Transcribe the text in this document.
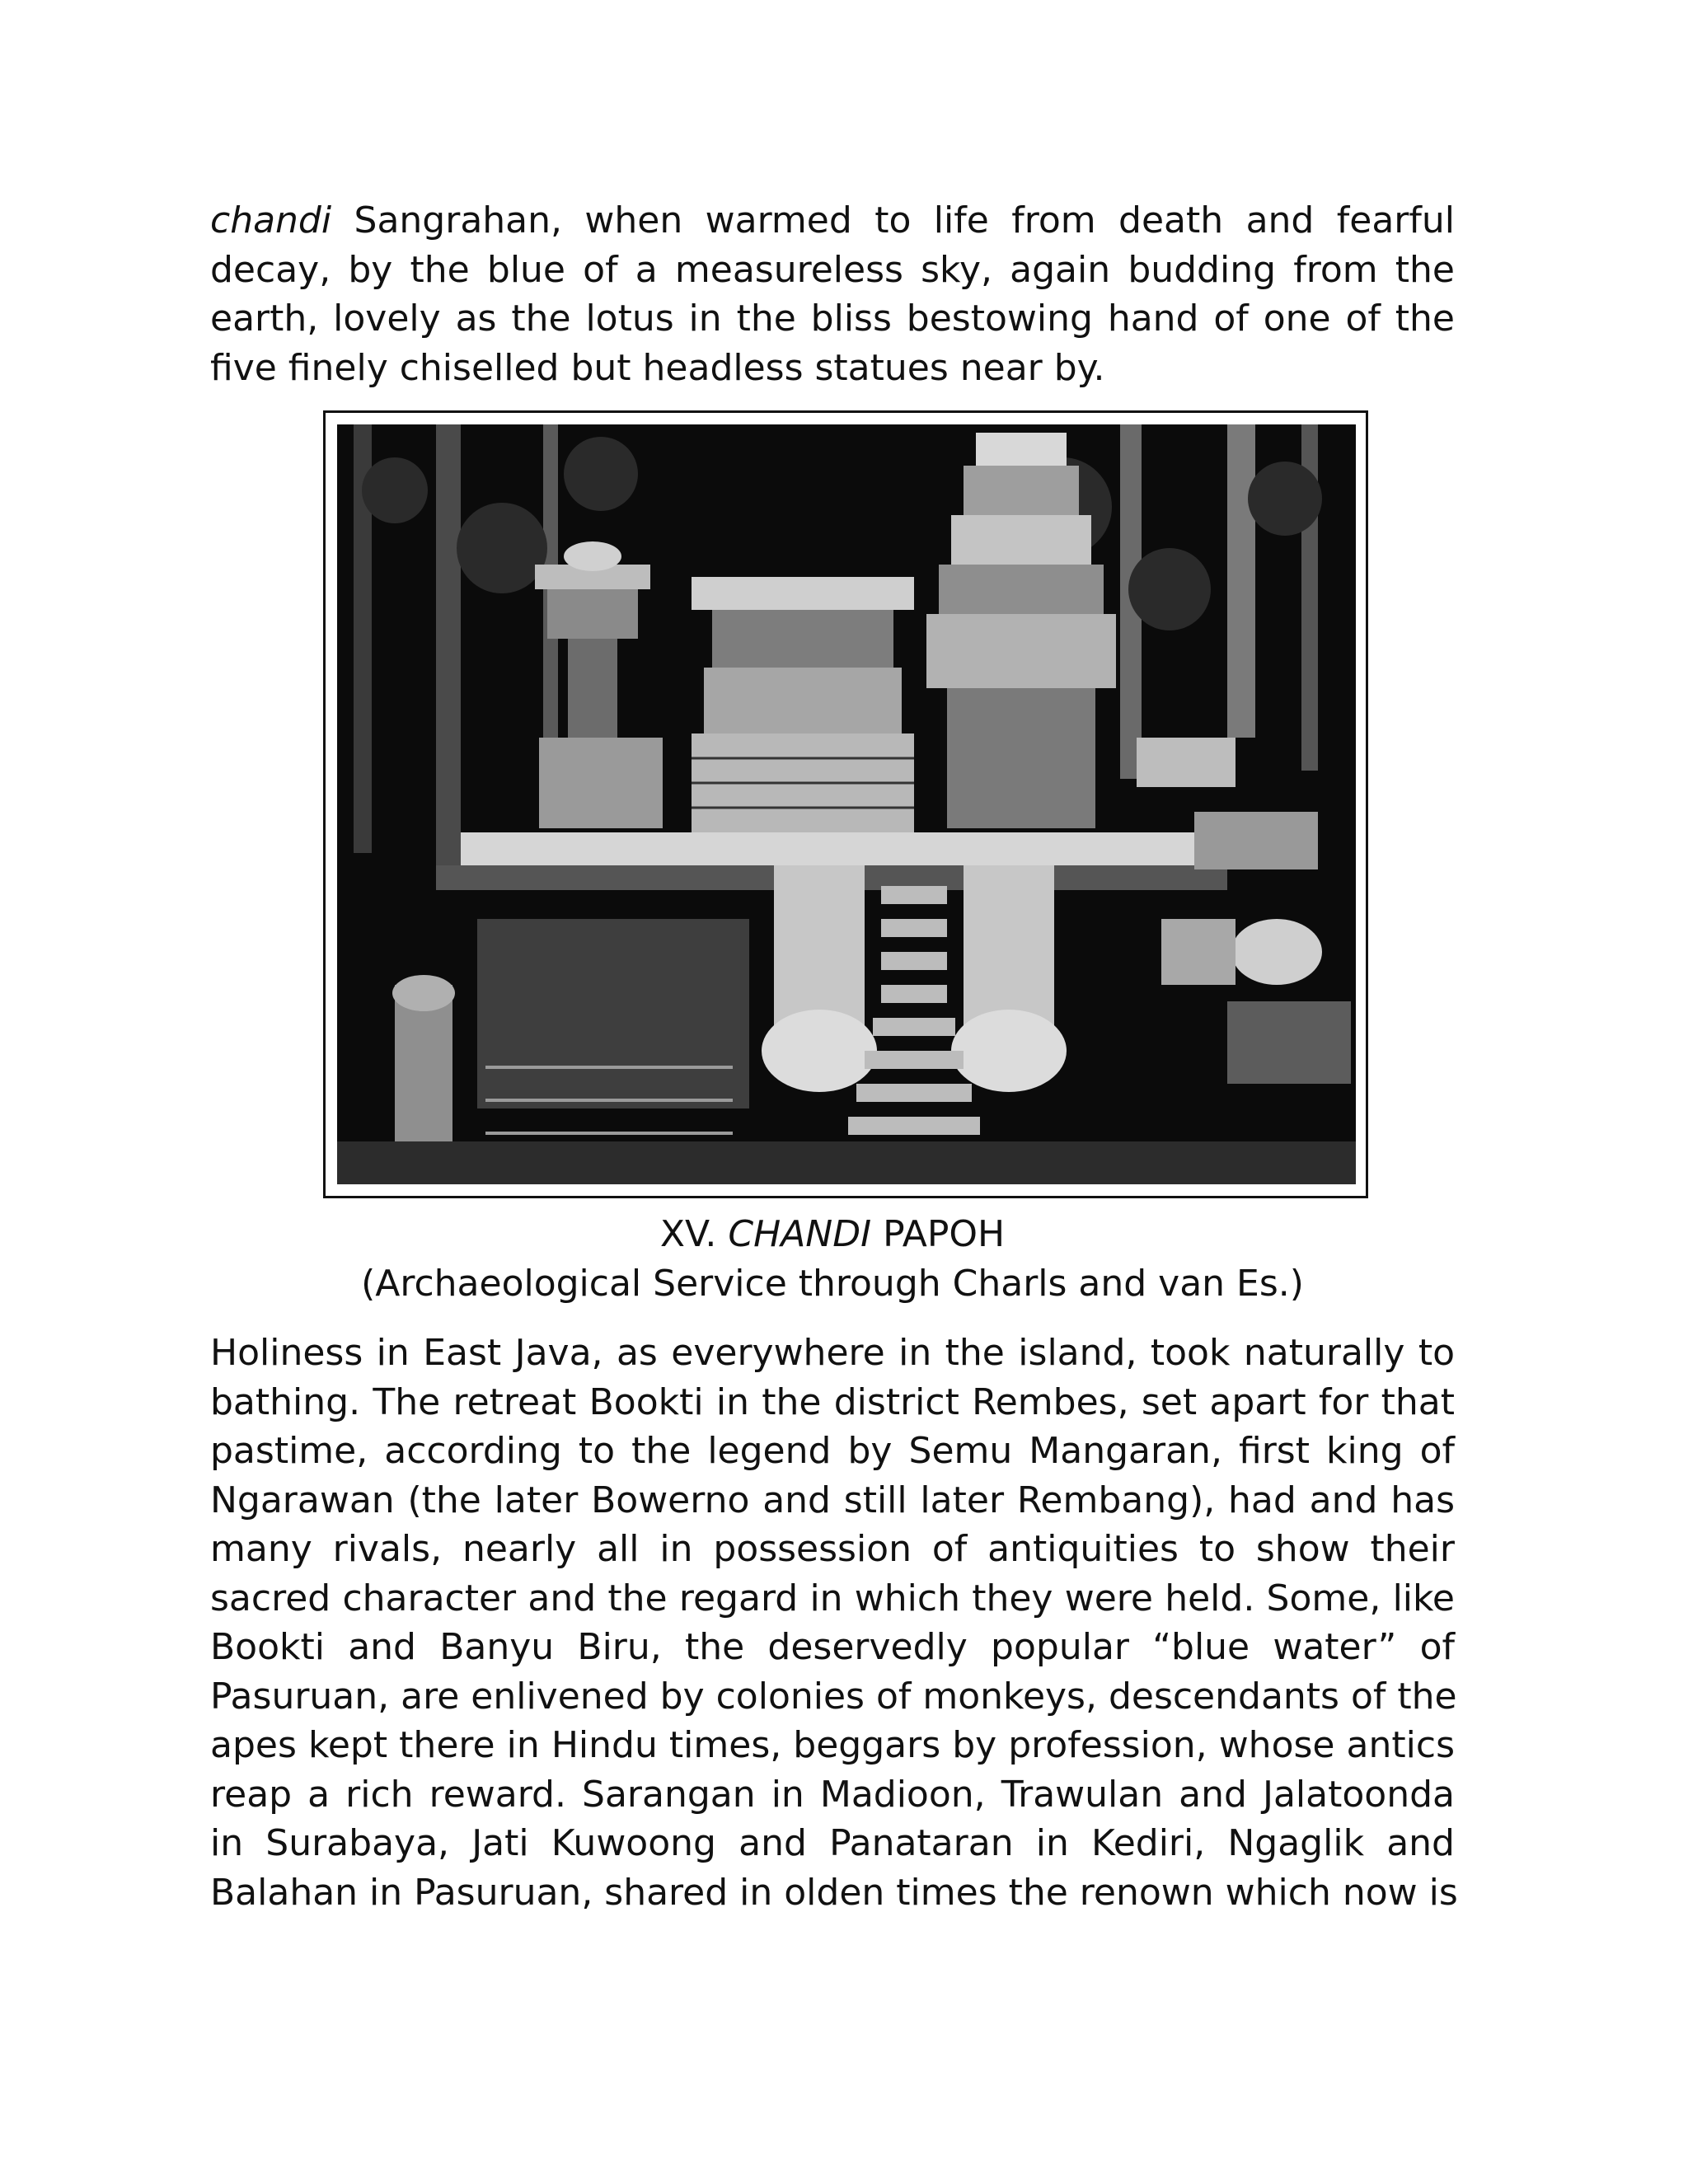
chandi Sangrahan, when warmed to life from death and fearful
decay, by the blue of a measureless sky, again budding from the
earth, lovely as the lotus in the bliss bestowing hand of one of the
five finely chiselled but headless statues near by.
XV. CHANDI PAPOH
(Archaeological Service through Charls and van Es.)
Holiness in East Java, as everywhere in the island, took naturally to
bathing. The retreat Bookti in the district Rembes, set apart for that
pastime, according to the legend by Semu Mangaran, first king of
Ngarawan (the later Bowerno and still later Rembang), had and has
many rivals, nearly all in possession of antiquities to show their
sacred character and the regard in which they were held. Some, like
Bookti and Banyu Biru, the deservedly popular “blue water” of
Pasuruan, are enlivened by colonies of monkeys, descendants of the
apes kept there in Hindu times, beggars by profession, whose antics
reap a rich reward. Sarangan in Madioon, Trawulan and Jalatoonda
in Surabaya, Jati Kuwoong and Panataran in Kediri, Ngaglik and
Balahan in Pasuruan, shared in olden times the renown which now is
